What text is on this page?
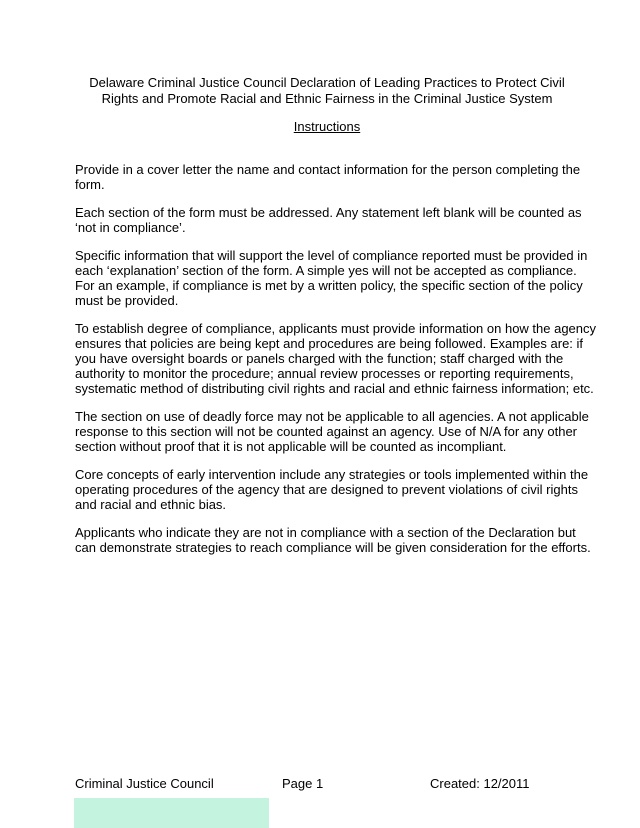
Delaware Criminal Justice Council Declaration of Leading Practices to Protect Civil
Rights and Promote Racial and Ethnic Fairness in the Criminal Justice System
Instructions

Provide in a cover letter the name and contact information for the person completing the
form.

Each section of the form must be addressed. Any statement left blank will be counted as
‘not in compliance’.

Specific information that will support the level of compliance reported must be provided in
each ‘explanation’ section of the form. A simple yes will not be accepted as compliance.
For an example, if compliance is met by a written policy, the specific section of the policy
must be provided.

To establish degree of compliance, applicants must provide information on how the agency
ensures that policies are being kept and procedures are being followed. Examples are: if
you have oversight boards or panels charged with the function; staff charged with the
authority to monitor the procedure; annual review processes or reporting requirements,
systematic method of distributing civil rights and racial and ethnic fairness information; etc.

The section on use of deadly force may not be applicable to all agencies. A not applicable
response to this section will not be counted against an agency. Use of N/A for any other
section without proof that it is not applicable will be counted as incompliant.

Core concepts of early intervention include any strategies or tools implemented within the
operating procedures of the agency that are designed to prevent violations of civil rights
and racial and ethnic bias.

Applicants who indicate they are not in compliance with a section of the Declaration but
can demonstrate strategies to reach compliance will be given consideration for the efforts.

Criminal Justice Council	Page 1	Created: 12/2011
